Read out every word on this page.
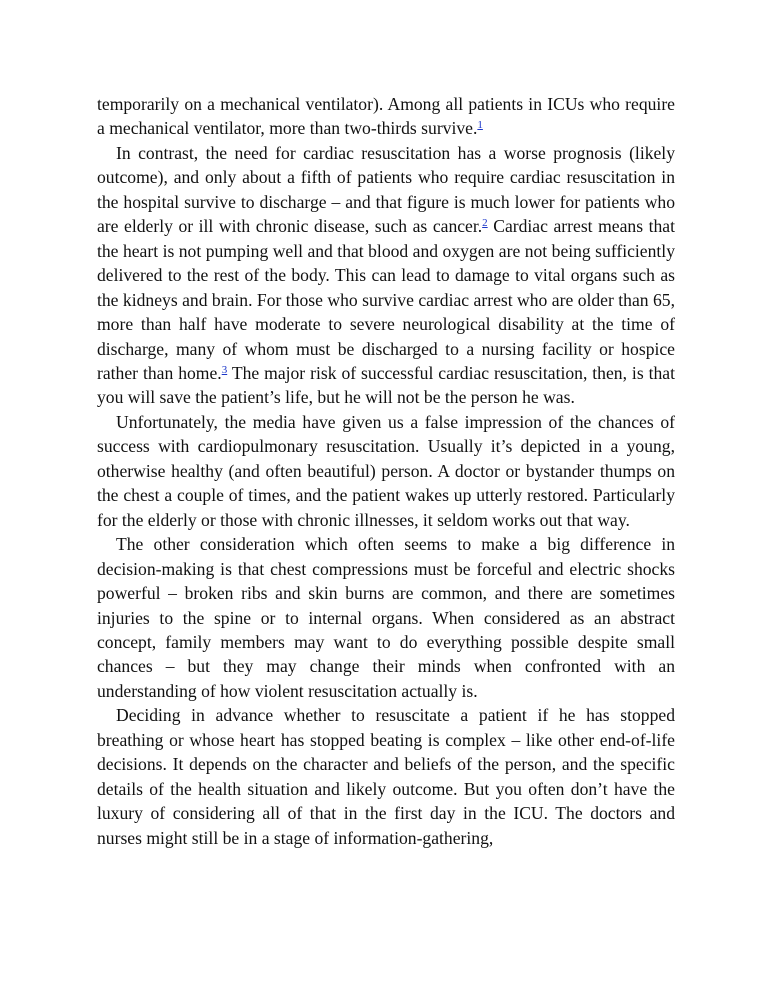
temporarily on a mechanical ventilator). Among all patients in ICUs who require a mechanical ventilator, more than two-thirds survive.$^1$

In contrast, the need for cardiac resuscitation has a worse prognosis (likely outcome), and only about a fifth of patients who require cardiac resuscitation in the hospital survive to discharge – and that figure is much lower for patients who are elderly or ill with chronic disease, such as cancer.$^2$ Cardiac arrest means that the heart is not pumping well and that blood and oxygen are not being sufficiently delivered to the rest of the body. This can lead to damage to vital organs such as the kidneys and brain. For those who survive cardiac arrest who are older than 65, more than half have moderate to severe neurological disability at the time of discharge, many of whom must be discharged to a nursing facility or hospice rather than home.$^3$ The major risk of successful cardiac resuscitation, then, is that you will save the patient’s life, but he will not be the person he was.

Unfortunately, the media have given us a false impression of the chances of success with cardiopulmonary resuscitation. Usually it’s depicted in a young, otherwise healthy (and often beautiful) person. A doctor or bystander thumps on the chest a couple of times, and the patient wakes up utterly restored. Particularly for the elderly or those with chronic illnesses, it seldom works out that way.

The other consideration which often seems to make a big difference in decision-making is that chest compressions must be forceful and electric shocks powerful – broken ribs and skin burns are common, and there are sometimes injuries to the spine or to internal organs. When considered as an abstract concept, family members may want to do everything possible despite small chances – but they may change their minds when confronted with an understanding of how violent resuscitation actually is.

Deciding in advance whether to resuscitate a patient if he has stopped breathing or whose heart has stopped beating is complex – like other end-of-life decisions. It depends on the character and beliefs of the person, and the specific details of the health situation and likely outcome. But you often don’t have the luxury of considering all of that in the first day in the ICU. The doctors and nurses might still be in a stage of information-gathering,
